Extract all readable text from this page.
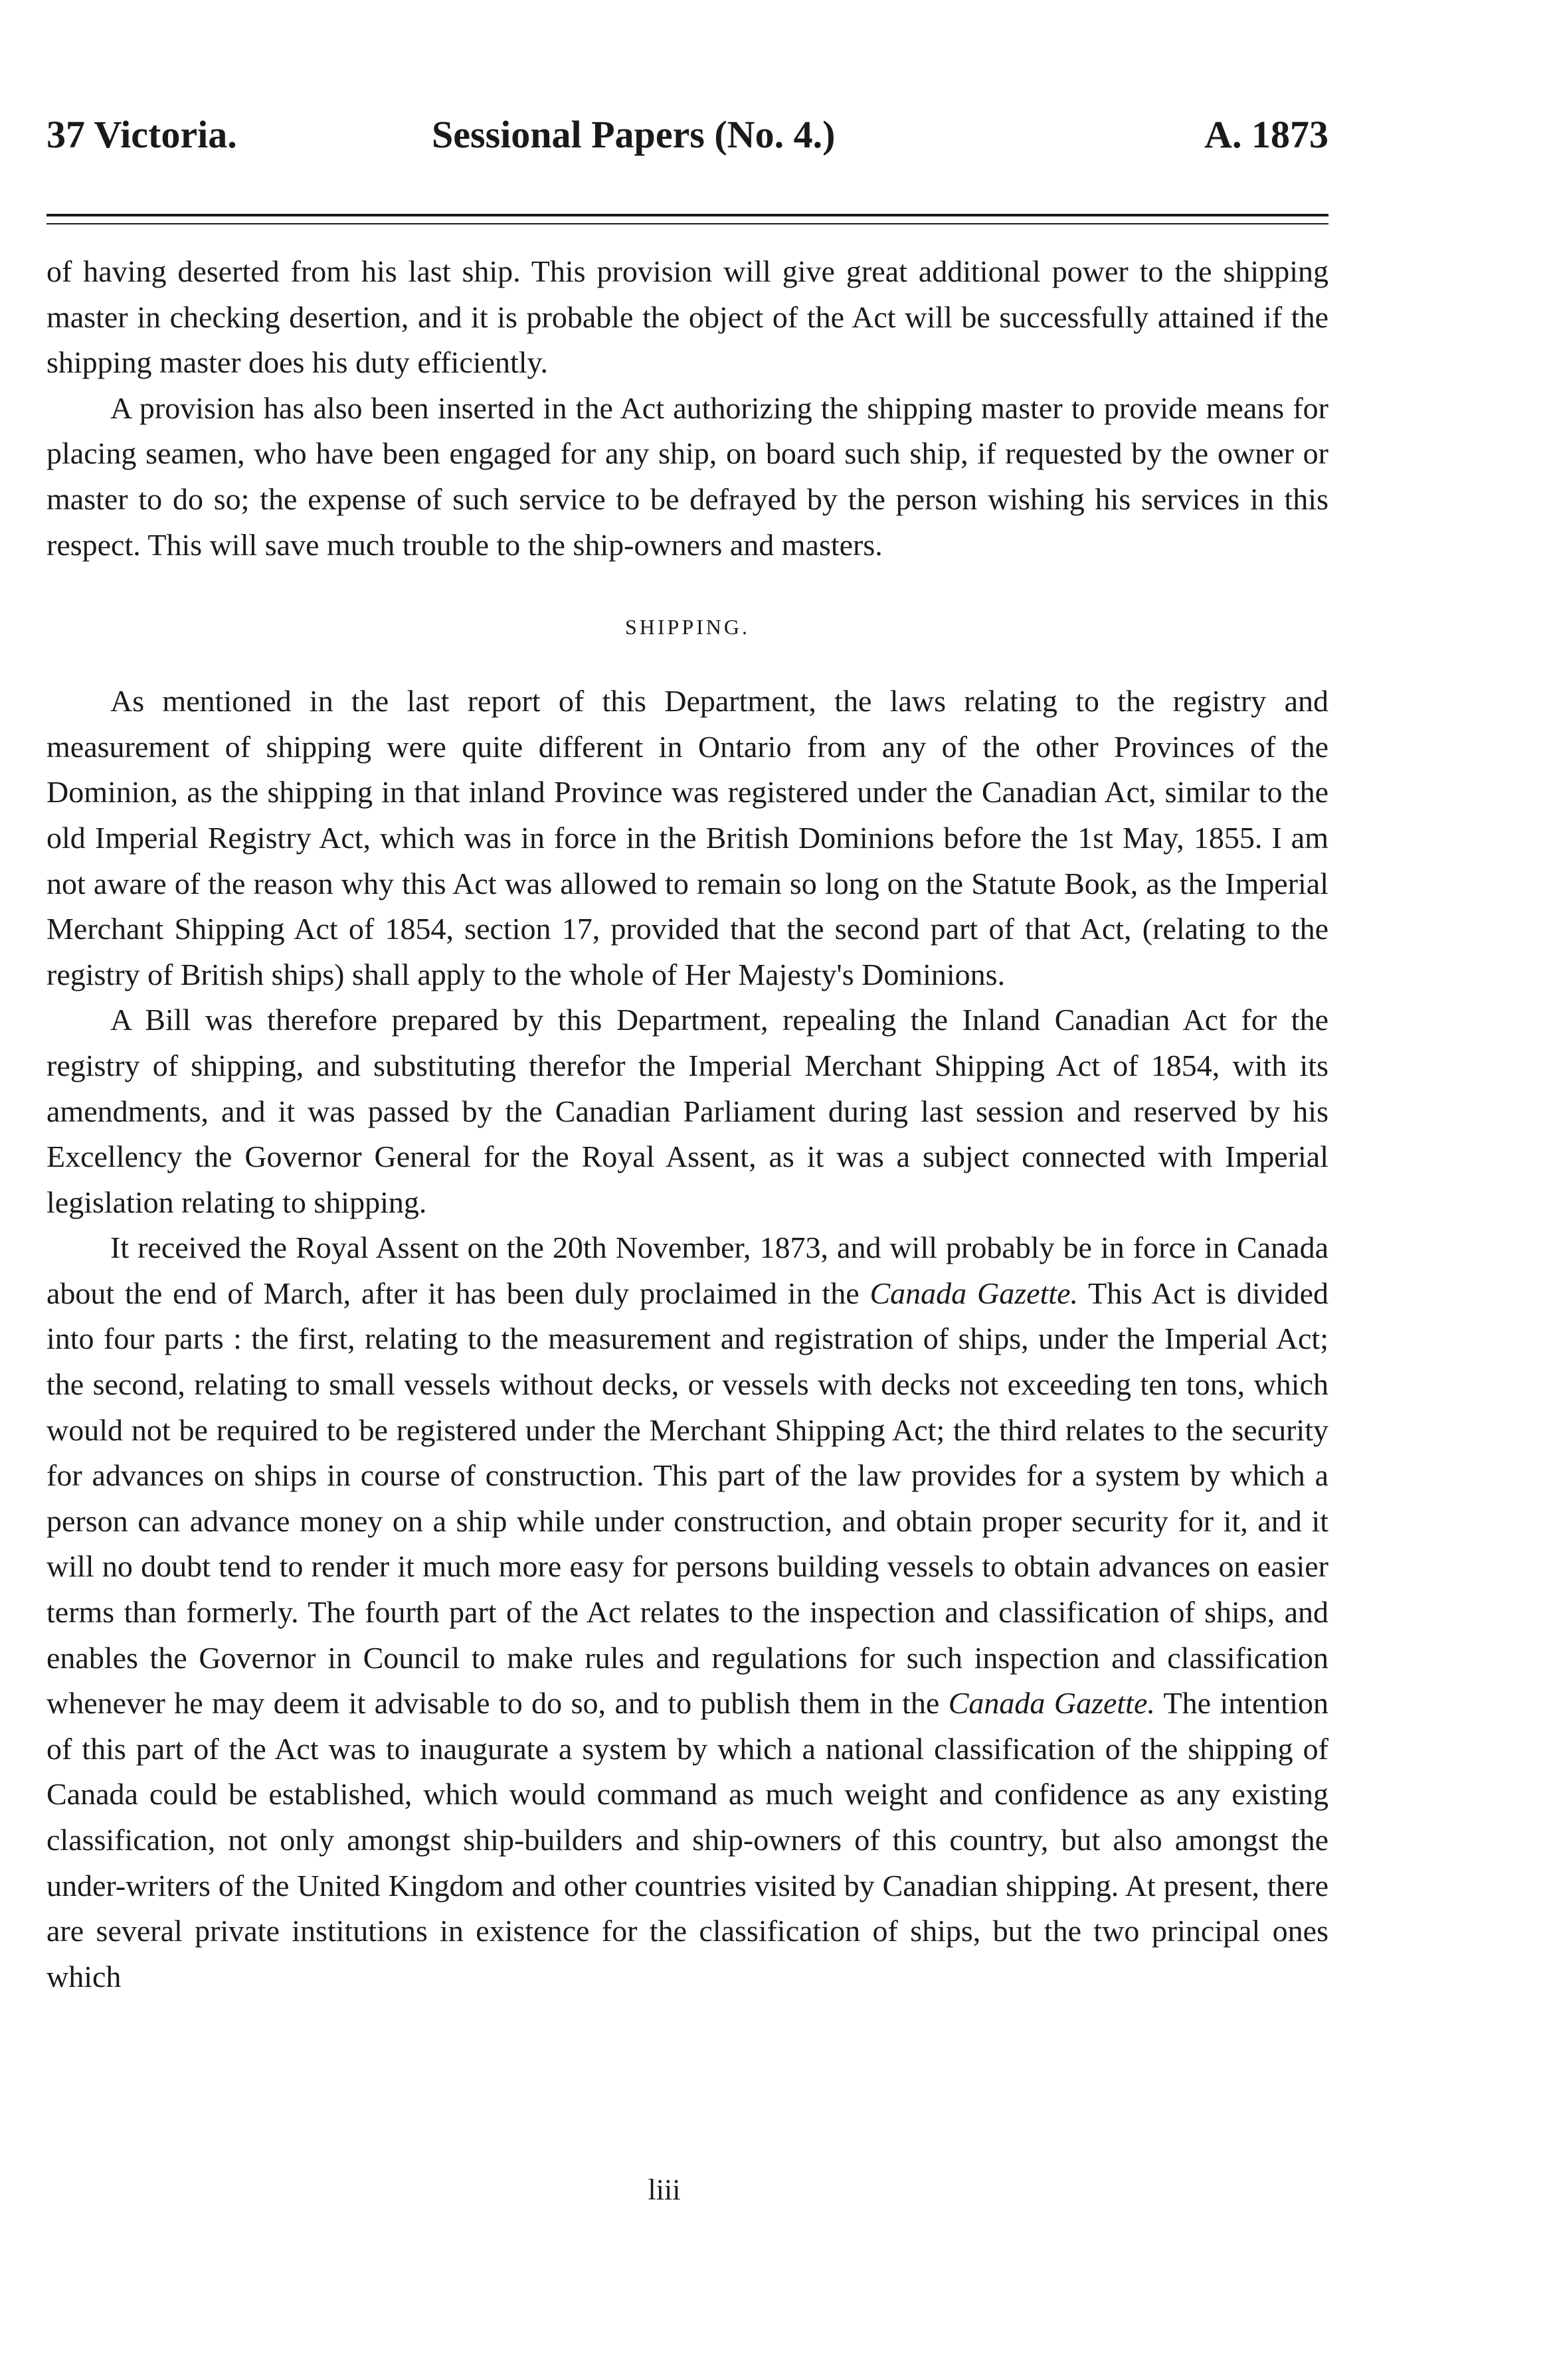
37 Victoria.	Sessional Papers (No. 4.)	A. 1873

of having deserted from his last ship. This provision will give great additional power to the shipping master in checking desertion, and it is probable the object of the Act will be successfully attained if the shipping master does his duty efficiently.

A provision has also been inserted in the Act authorizing the shipping master to provide means for placing seamen, who have been engaged for any ship, on board such ship, if requested by the owner or master to do so; the expense of such service to be defrayed by the person wishing his services in this respect. This will save much trouble to the ship-owners and masters.

SHIPPING.

As mentioned in the last report of this Department, the laws relating to the registry and measurement of shipping were quite different in Ontario from any of the other Provinces of the Dominion, as the shipping in that inland Province was registered under the Canadian Act, similar to the old Imperial Registry Act, which was in force in the British Dominions before the 1st May, 1855. I am not aware of the reason why this Act was allowed to remain so long on the Statute Book, as the Imperial Merchant Shipping Act of 1854, section 17, provided that the second part of that Act, (relating to the registry of British ships) shall apply to the whole of Her Majesty's Dominions.

A Bill was therefore prepared by this Department, repealing the Inland Canadian Act for the registry of shipping, and substituting therefor the Imperial Merchant Shipping Act of 1854, with its amendments, and it was passed by the Canadian Parliament during last session and reserved by his Excellency the Governor General for the Royal Assent, as it was a subject connected with Imperial legislation relating to shipping.

It received the Royal Assent on the 20th November, 1873, and will probably be in force in Canada about the end of March, after it has been duly proclaimed in the Canada Gazette. This Act is divided into four parts : the first, relating to the measurement and registration of ships, under the Imperial Act; the second, relating to small vessels without decks, or vessels with decks not exceeding ten tons, which would not be required to be registered under the Merchant Shipping Act; the third relates to the security for advances on ships in course of construction. This part of the law provides for a system by which a person can advance money on a ship while under construction, and obtain proper security for it, and it will no doubt tend to render it much more easy for persons building vessels to obtain advances on easier terms than formerly. The fourth part of the Act relates to the inspection and classification of ships, and enables the Governor in Council to make rules and regulations for such inspection and classification whenever he may deem it advisable to do so, and to publish them in the Canada Gazette. The intention of this part of the Act was to inaugurate a system by which a national classification of the shipping of Canada could be established, which would command as much weight and confidence as any existing classification, not only amongst ship-builders and ship-owners of this country, but also amongst the under-writers of the United Kingdom and other countries visited by Canadian shipping. At present, there are several private institutions in existence for the classification of ships, but the two principal ones which

liii
